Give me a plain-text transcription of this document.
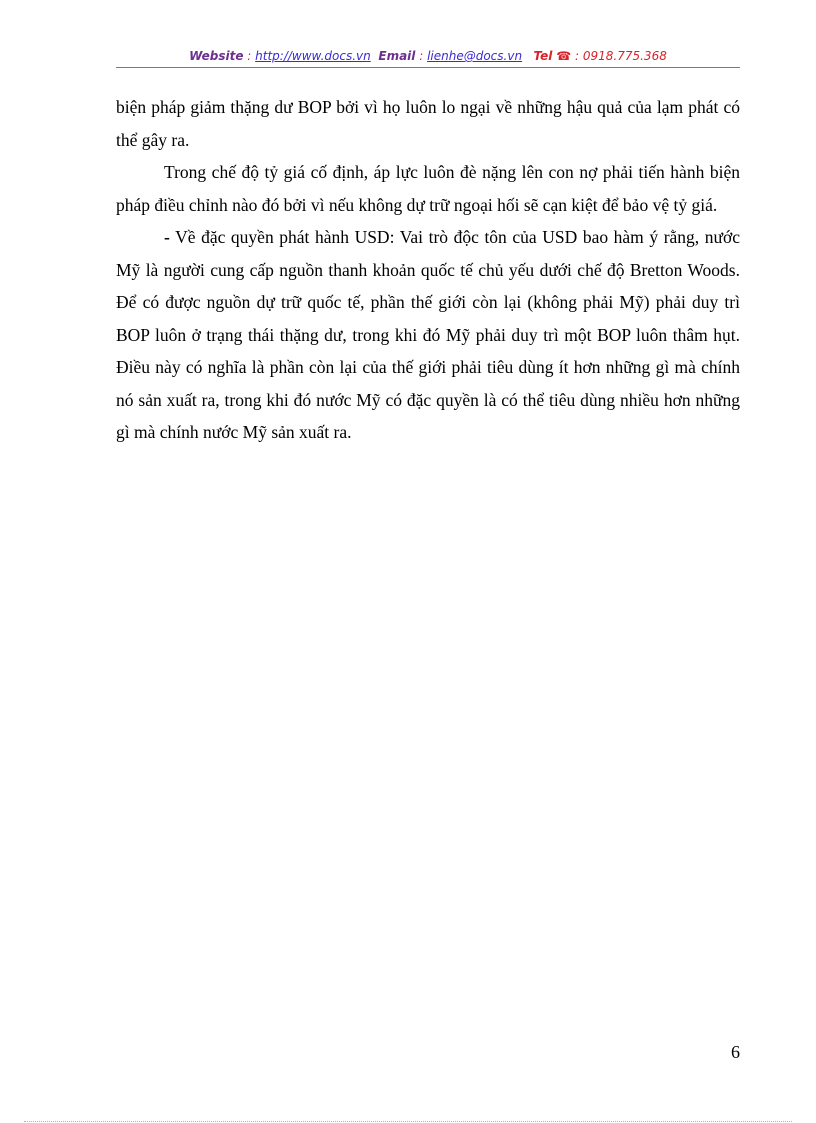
Website : http://www.docs.vn Email : lienhe@docs.vn Tel ☎ : 0918.775.368

biện pháp giảm thặng dư BOP bởi vì họ luôn lo ngại về những hậu quả của lạm phát có thể gây ra.

Trong chế độ tỷ giá cố định, áp lực luôn đè nặng lên con nợ phải tiến hành biện pháp điều chỉnh nào đó bởi vì nếu không dự trữ ngoại hối sẽ cạn kiệt để bảo vệ tỷ giá.

- Về đặc quyền phát hành USD: Vai trò độc tôn của USD bao hàm ý rằng, nước Mỹ là người cung cấp nguồn thanh khoản quốc tế chủ yếu dưới chế độ Bretton Woods. Để có được nguồn dự trữ quốc tế, phần thế giới còn lại (không phải Mỹ) phải duy trì BOP luôn ở trạng thái thặng dư, trong khi đó Mỹ phải duy trì một BOP luôn thâm hụt. Điều này có nghĩa là phần còn lại của thế giới phải tiêu dùng ít hơn những gì mà chính nó sản xuất ra, trong khi đó nước Mỹ có đặc quyền là có thể tiêu dùng nhiều hơn những gì mà chính nước Mỹ sản xuất ra.

6
